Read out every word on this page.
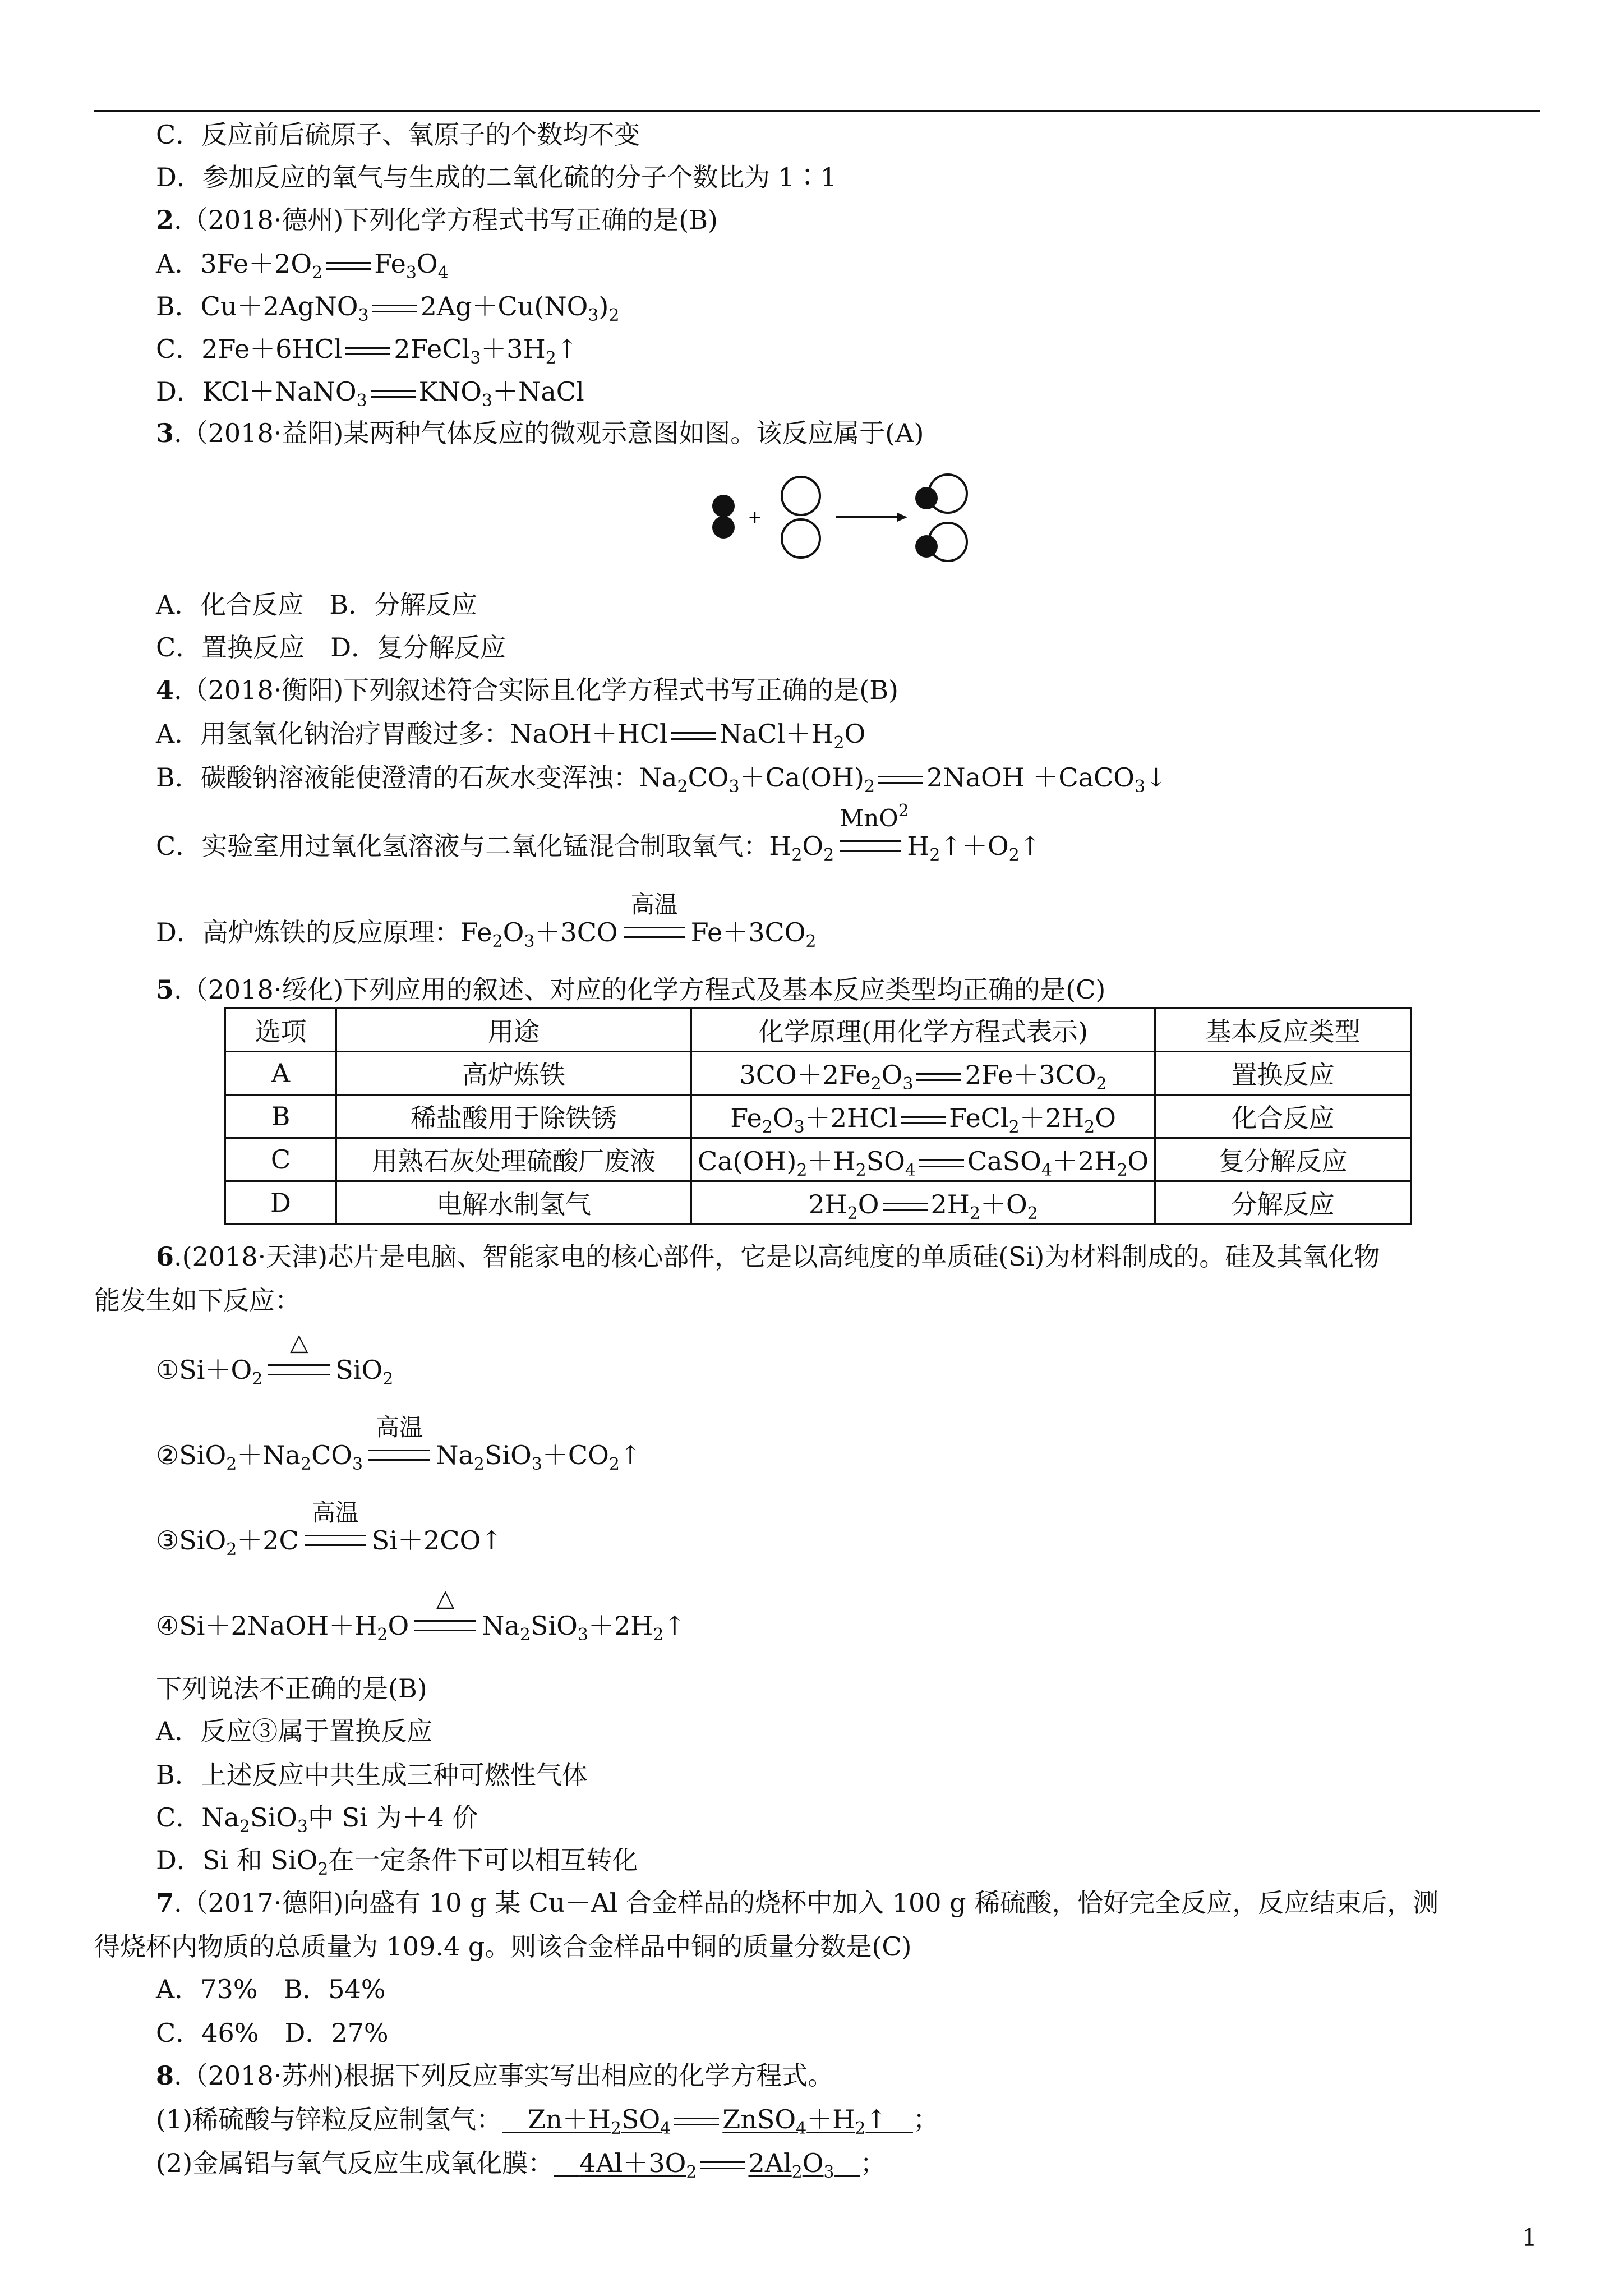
C．反应前后硫原子、氧原子的个数均不变
D．参加反应的氧气与生成的二氧化硫的分子个数比为 1∶1
2.（2018·德州)下列化学方程式书写正确的是(B)
A．$3Fe+2O_2$ $Fe_3O_4$
B．Cu＋2AgNO$_3$ $2Ag+Cu(NO_3)_2$
C．2Fe＋6HCl $2FeCl_3+3H_2↑$
D．KCl＋NaNO$_3$ $KNO_3+NaCl$
3.（2018·益阳)某两种气体反应的微观示意图如图。该反应属于(A)
+
A．化合反应　B．分解反应
C．置换反应　D．复分解反应
4.（2018·衡阳)下列叙述符合实际且化学方程式书写正确的是(B)
A．用氢氧化钠治疗胃酸过多：NaOH＋HCl $NaCl+H_2O$
B．碳酸钠溶液能使澄清的石灰水变浑浊：$Na_2CO_3+Ca(OH)_2$ 2NaOH ＋CaCO$_3$↓
C．实验室用过氧化氢溶液与二氧化锰混合制取氧气：$H_2O_2$
MnO$^2$
$H_2↑+O_2↑$
D．高炉炼铁的反应原理：$Fe_2O_3+3CO$
高温
$Fe+3CO_2$
5.（2018·绥化)下列应用的叙述、对应的化学方程式及基本反应类型均正确的是(C)
选项	用途	化学原理(用化学方程式表示)	基本反应类型
A	高炉炼铁	$3CO+2Fe_2O_3$ $2Fe+3CO_2$	置换反应
B	稀盐酸用于除铁锈	$Fe_2O_3+2HCl$ $FeCl_2+2H_2O$	化合反应
C	用熟石灰处理硫酸厂废液	$Ca(OH)_2+H_2SO_4$ $CaSO_4+2H_2O$	复分解反应
D	电解水制氢气	$2H_2O$ $2H_2+O_2$	分解反应
6.(2018·天津)芯片是电脑、智能家电的核心部件，它是以高纯度的单质硅(Si)为材料制成的。硅及其氧化物
能发生如下反应：
$①Si+O_2$
△
SiO$_2$
$②SiO_2+Na_2CO_3$
高温
$Na_2SiO_3+CO_2↑$
③SiO$_2$＋2C
高温
Si＋2CO↑
$④Si+2NaOH+H_2O$
△
$Na_2SiO_3+2H_2↑$
下列说法不正确的是(B)
A．反应③属于置换反应
B．上述反应中共生成三种可燃性气体
C．$Na_2SiO_3$中 Si 为＋4 价
D．Si 和 SiO$_2$在一定条件下可以相互转化
7.（2017·德阳)向盛有 10 g 某 Cu－Al 合金样品的烧杯中加入 100 g 稀硫酸，恰好完全反应，反应结束后，测
得烧杯内物质的总质量为 109.4 g。则该合金样品中铜的质量分数是(C)
A．73%　B．54%
C．46%　D．27%
8.（2018·苏州)根据下列反应事实写出相应的化学方程式。
(1)稀硫酸与锌粒反应制氢气：  $Zn+H_2SO_4$ $ZnSO_4+H_2↑$  ；
(2)金属铝与氧气反应生成氧化膜：  $4Al+3O_2$ $2Al_2O_3$  ；
1
